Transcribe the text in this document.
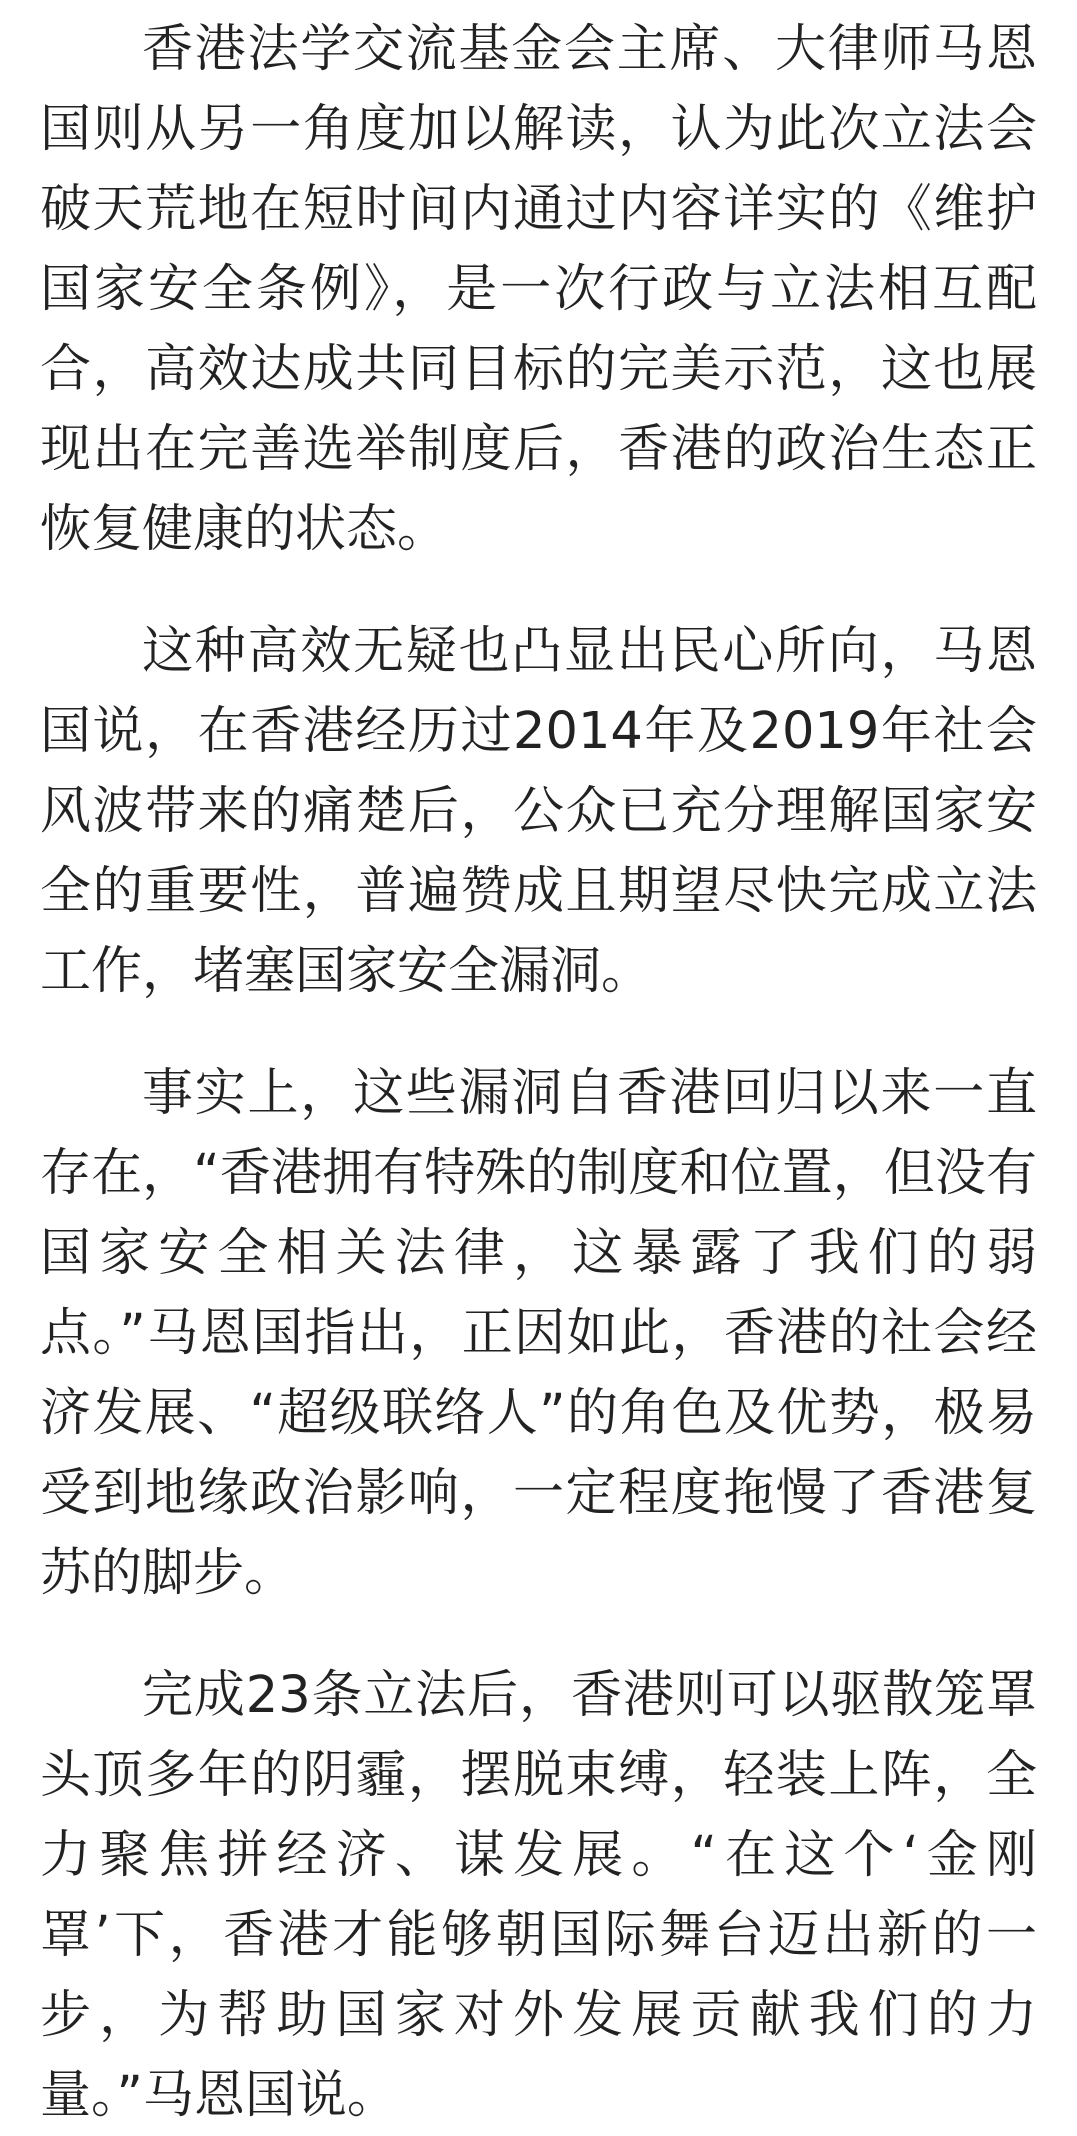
香港法学交流基金会主席、大律师马恩国则从另一角度加以解读，认为此次立法会破天荒地在短时间内通过内容详实的《维护国家安全条例》，是一次行政与立法相互配合，高效达成共同目标的完美示范，这也展现出在完善选举制度后，香港的政治生态正恢复健康的状态。

这种高效无疑也凸显出民心所向，马恩国说，在香港经历过2014年及2019年社会风波带来的痛楚后，公众已充分理解国家安全的重要性，普遍赞成且期望尽快完成立法工作，堵塞国家安全漏洞。

事实上，这些漏洞自香港回归以来一直存在，“香港拥有特殊的制度和位置，但没有国家安全相关法律，这暴露了我们的弱点。”马恩国指出，正因如此，香港的社会经济发展、“超级联络人”的角色及优势，极易受到地缘政治影响，一定程度拖慢了香港复苏的脚步。

完成23条立法后，香港则可以驱散笼罩头顶多年的阴霾，摆脱束缚，轻装上阵，全力聚焦拼经济、谋发展。“在这个‘金刚罩’下，香港才能够朝国际舞台迈出新的一步，为帮助国家对外发展贡献我们的力量。”马恩国说。
